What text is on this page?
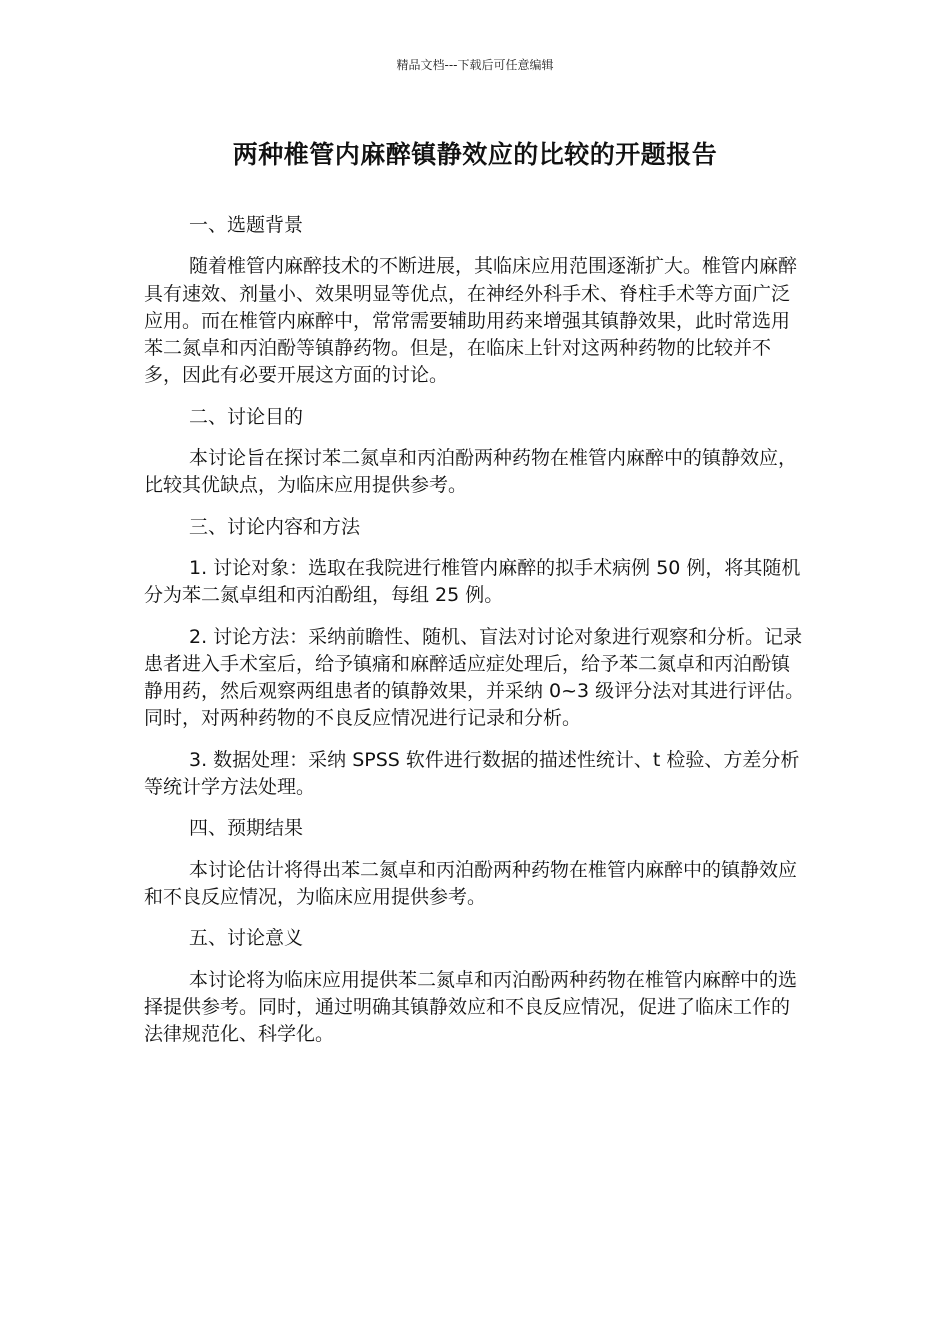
精品文档---下载后可任意编辑
两种椎管内麻醉镇静效应的比较的开题报告

一、选题背景

随着椎管内麻醉技术的不断进展，其临床应用范围逐渐扩大。椎管内麻醉具有速效、剂量小、效果明显等优点，在神经外科手术、脊柱手术等方面广泛应用。而在椎管内麻醉中，常常需要辅助用药来增强其镇静效果，此时常选用苯二氮卓和丙泊酚等镇静药物。但是，在临床上针对这两种药物的比较并不多，因此有必要开展这方面的讨论。

二、讨论目的

本讨论旨在探讨苯二氮卓和丙泊酚两种药物在椎管内麻醉中的镇静效应，比较其优缺点，为临床应用提供参考。

三、讨论内容和方法

1. 讨论对象：选取在我院进行椎管内麻醉的拟手术病例 50 例，将其随机分为苯二氮卓组和丙泊酚组，每组 25 例。

2. 讨论方法：采纳前瞻性、随机、盲法对讨论对象进行观察和分析。记录患者进入手术室后，给予镇痛和麻醉适应症处理后，给予苯二氮卓和丙泊酚镇静用药，然后观察两组患者的镇静效果，并采纳 0~3 级评分法对其进行评估。同时，对两种药物的不良反应情况进行记录和分析。

3. 数据处理：采纳 SPSS 软件进行数据的描述性统计、t 检验、方差分析等统计学方法处理。

四、预期结果

本讨论估计将得出苯二氮卓和丙泊酚两种药物在椎管内麻醉中的镇静效应和不良反应情况，为临床应用提供参考。

五、讨论意义

本讨论将为临床应用提供苯二氮卓和丙泊酚两种药物在椎管内麻醉中的选择提供参考。同时，通过明确其镇静效应和不良反应情况，促进了临床工作的法律规范化、科学化。
